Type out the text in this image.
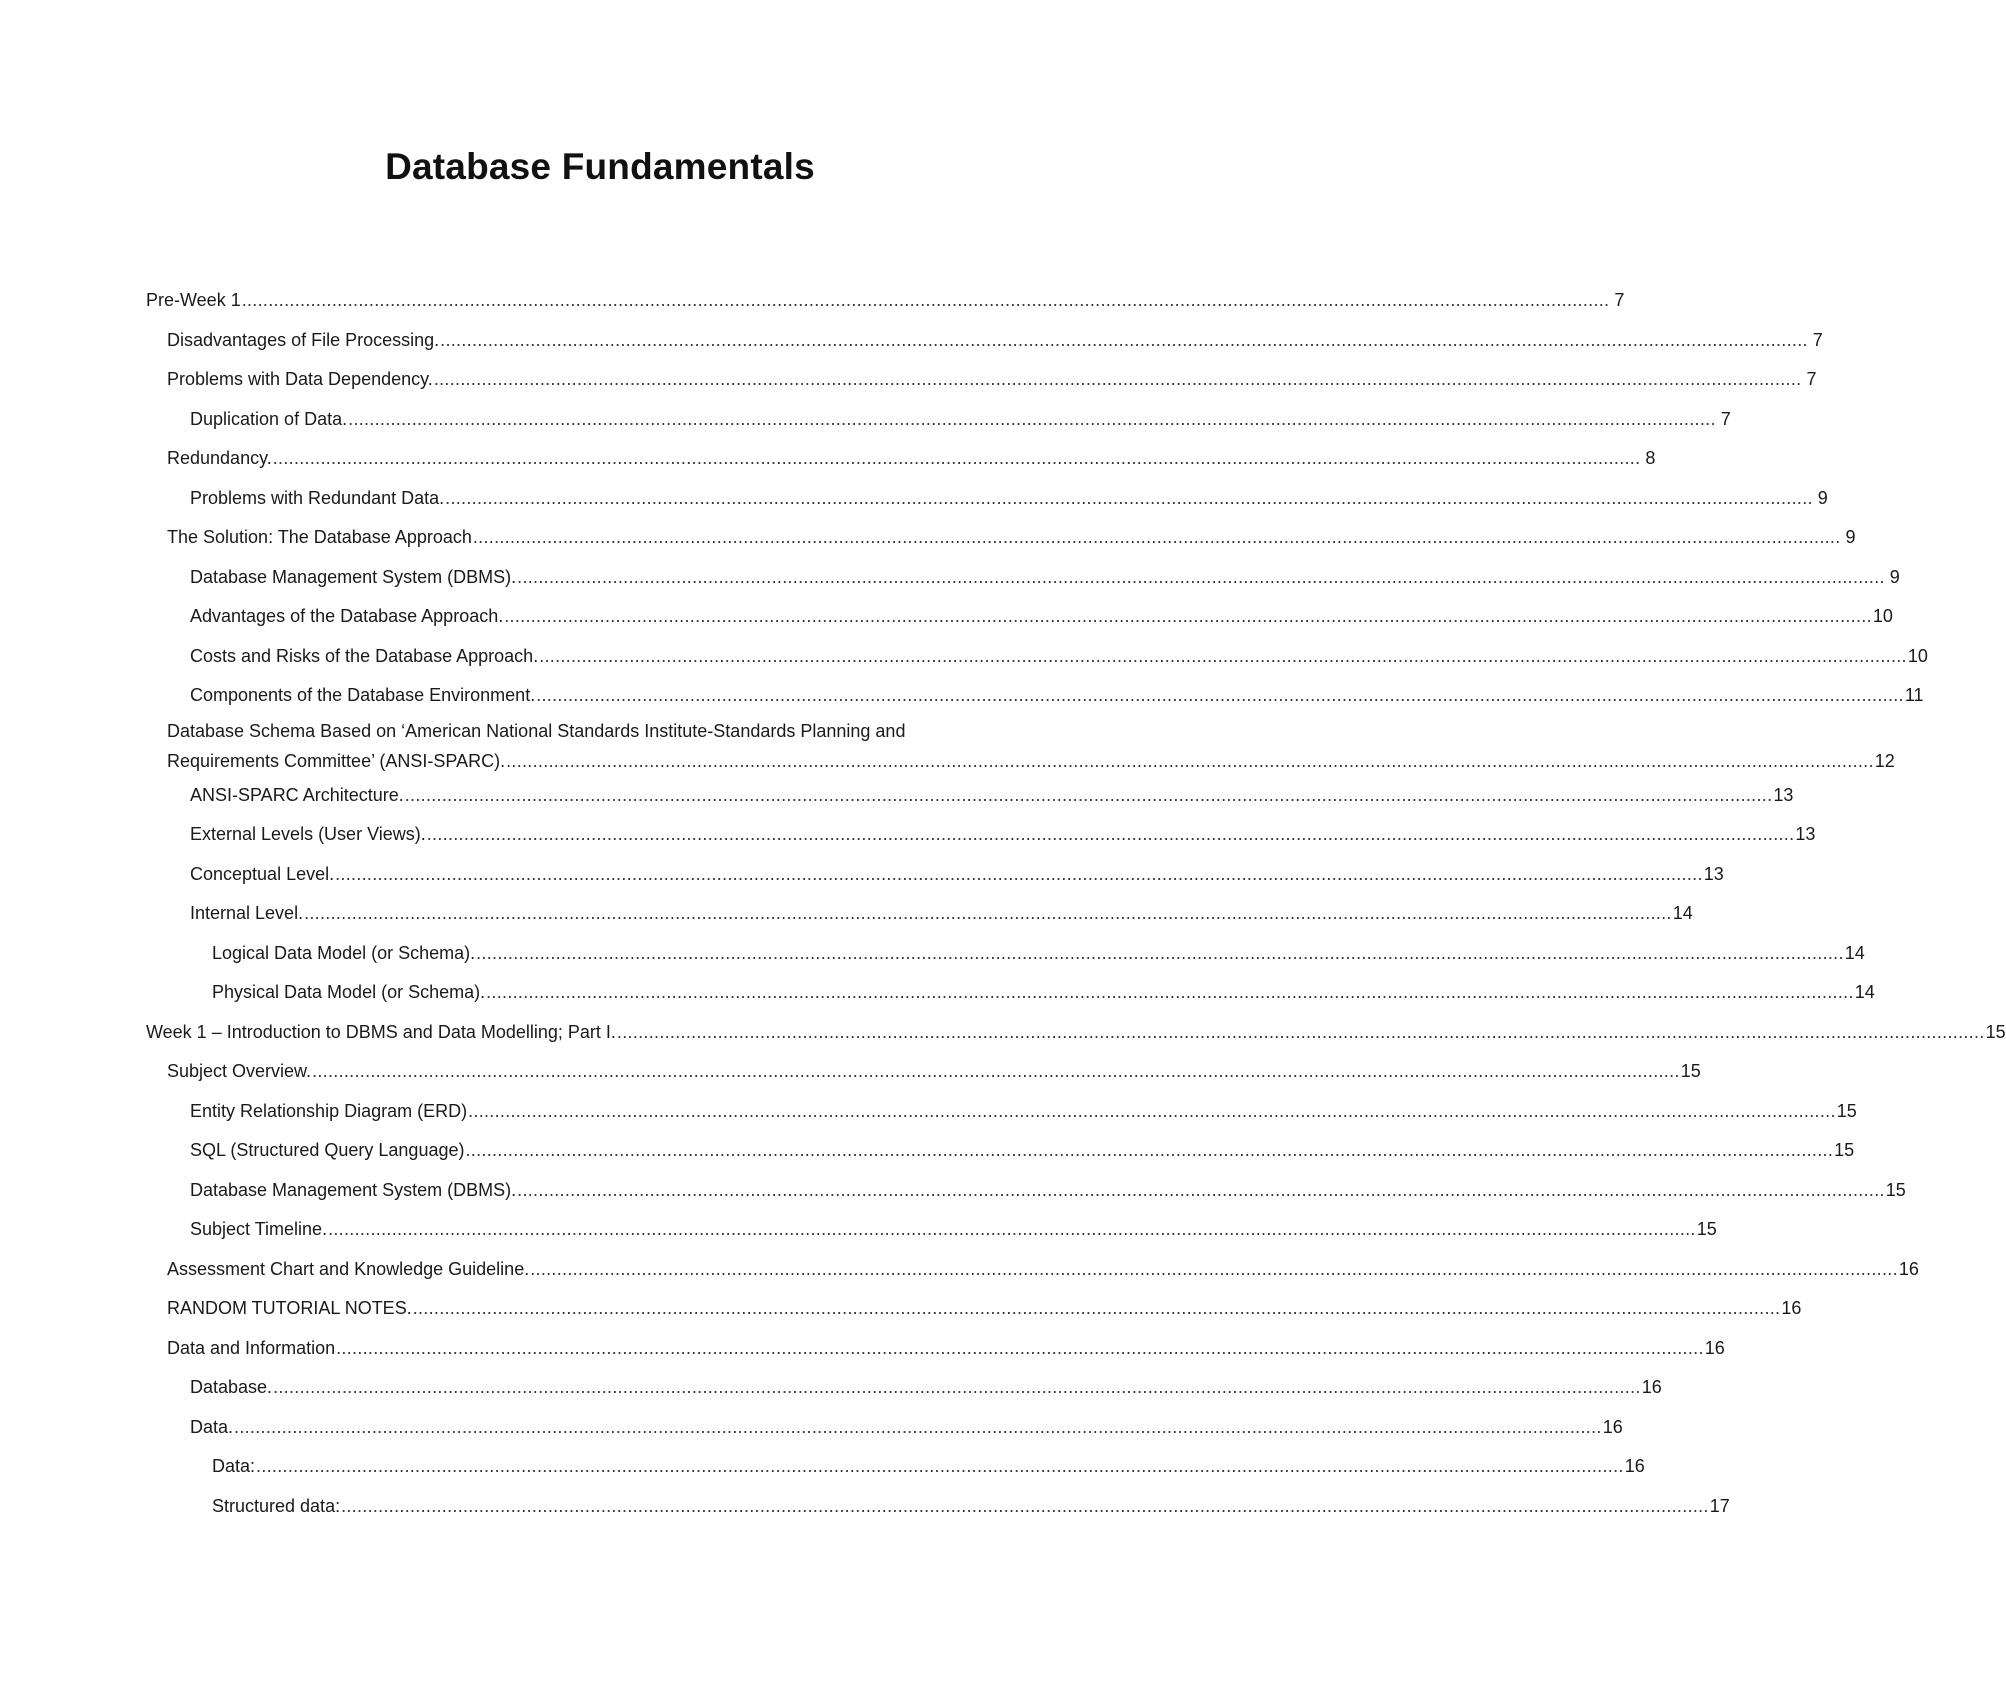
Database Fundamentals
Pre-Week 1 .....	7
Disadvantages of File Processing. .....	7
Problems with Data Dependency. .....	7
Duplication of Data. .....	7
Redundancy. .....	8
Problems with Redundant Data. .....	9
The Solution: The Database Approach .....	9
Database Management System (DBMS). .....	9
Advantages of the Database Approach. .....	10
Costs and Risks of the Database Approach. .....	10
Components of the Database Environment. .....	11
Database Schema Based on ‘American National Standards Institute-Standards Planning and
Requirements Committee’ (ANSI-SPARC). .....	12
ANSI-SPARC Architecture. .....	13
External Levels (User Views). .....	13
Conceptual Level. .....	13
Internal Level. .....	14
Logical Data Model (or Schema). .....	14
Physical Data Model (or Schema). .....	14
Week 1 – Introduction to DBMS and Data Modelling; Part I. .....	15
Subject Overview. .....	15
Entity Relationship Diagram (ERD) .....	15
SQL (Structured Query Language) .....	15
Database Management System (DBMS). .....	15
Subject Timeline. .....	15
Assessment Chart and Knowledge Guideline. .....	16
RANDOM TUTORIAL NOTES. .....	16
Data and Information .....	16
Database. .....	16
Data. .....	16
Data: .....	16
Structured data: .....	17
